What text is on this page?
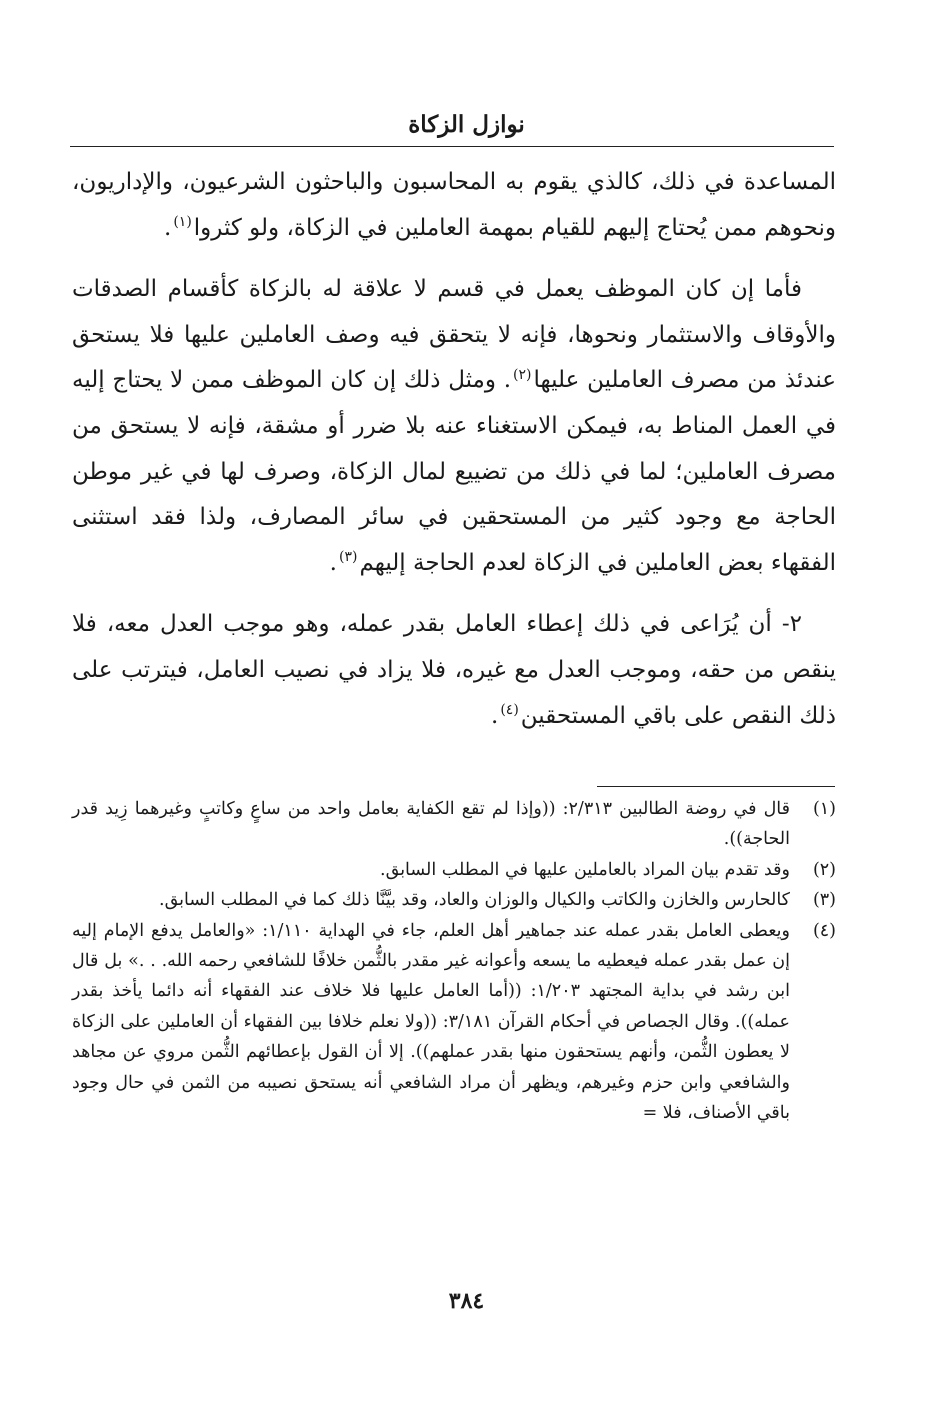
نوازل الزكاة

المساعدة في ذلك، كالذي يقوم به المحاسبون والباحثون الشرعيون، والإداريون، ونحوهم ممن يُحتاج إليهم للقيام بمهمة العاملين في الزكاة، ولو كثروا$^{(١)}$.

فأما إن كان الموظف يعمل في قسم لا علاقة له بالزكاة كأقسام الصدقات والأوقاف والاستثمار ونحوها، فإنه لا يتحقق فيه وصف العاملين عليها فلا يستحق عندئذ من مصرف العاملين عليها$^{(٢)}$. ومثل ذلك إن كان الموظف ممن لا يحتاج إليه في العمل المناط به، فيمكن الاستغناء عنه بلا ضرر أو مشقة، فإنه لا يستحق من مصرف العاملين؛ لما في ذلك من تضييع لمال الزكاة، وصرف لها في غير موطن الحاجة مع وجود كثير من المستحقين في سائر المصارف، ولذا فقد استثنى الفقهاء بعض العاملين في الزكاة لعدم الحاجة إليهم$^{(٣)}$.

٢- أن يُرَاعى في ذلك إعطاء العامل بقدر عمله، وهو موجب العدل معه، فلا ينقص من حقه، وموجب العدل مع غيره، فلا يزاد في نصيب العامل، فيترتب على ذلك النقص على باقي المستحقين$^{(٤)}$.

(١)
قال في روضة الطالبين ٢/٣١٣: ((وإذا لم تقع الكفاية بعامل واحد من ساعٍ وكاتبٍ وغيرهما زِيد قدر الحاجة)).
(٢)
وقد تقدم بيان المراد بالعاملين عليها في المطلب السابق.
(٣)
كالحارس والخازن والكاتب والكيال والوزان والعاد، وقد بيَّنَّا ذلك كما في المطلب السابق.
(٤)
ويعطى العامل بقدر عمله عند جماهير أهل العلم، جاء في الهداية ١/١١٠: «والعامل يدفع الإمام إليه إن عمل بقدر عمله فيعطيه ما يسعه وأعوانه غير مقدر بالثُّمن خلافًا للشافعي رحمه الله. . .» بل قال ابن رشد في بداية المجتهد ١/٢٠٣: ((أما العامل عليها فلا خلاف عند الفقهاء أنه دائما يأخذ بقدر عمله)). وقال الجصاص في أحكام القرآن ٣/١٨١: ((ولا نعلم خلافا بين الفقهاء أن العاملين على الزكاة لا يعطون الثُّمن، وأنهم يستحقون منها بقدر عملهم)). إلا أن القول بإعطائهم الثُّمن مروي عن مجاهد والشافعي وابن حزم وغيرهم، ويظهر أن مراد الشافعي أنه يستحق نصيبه من الثمن في حال وجود باقي الأصناف، فلا =
٣٨٤
